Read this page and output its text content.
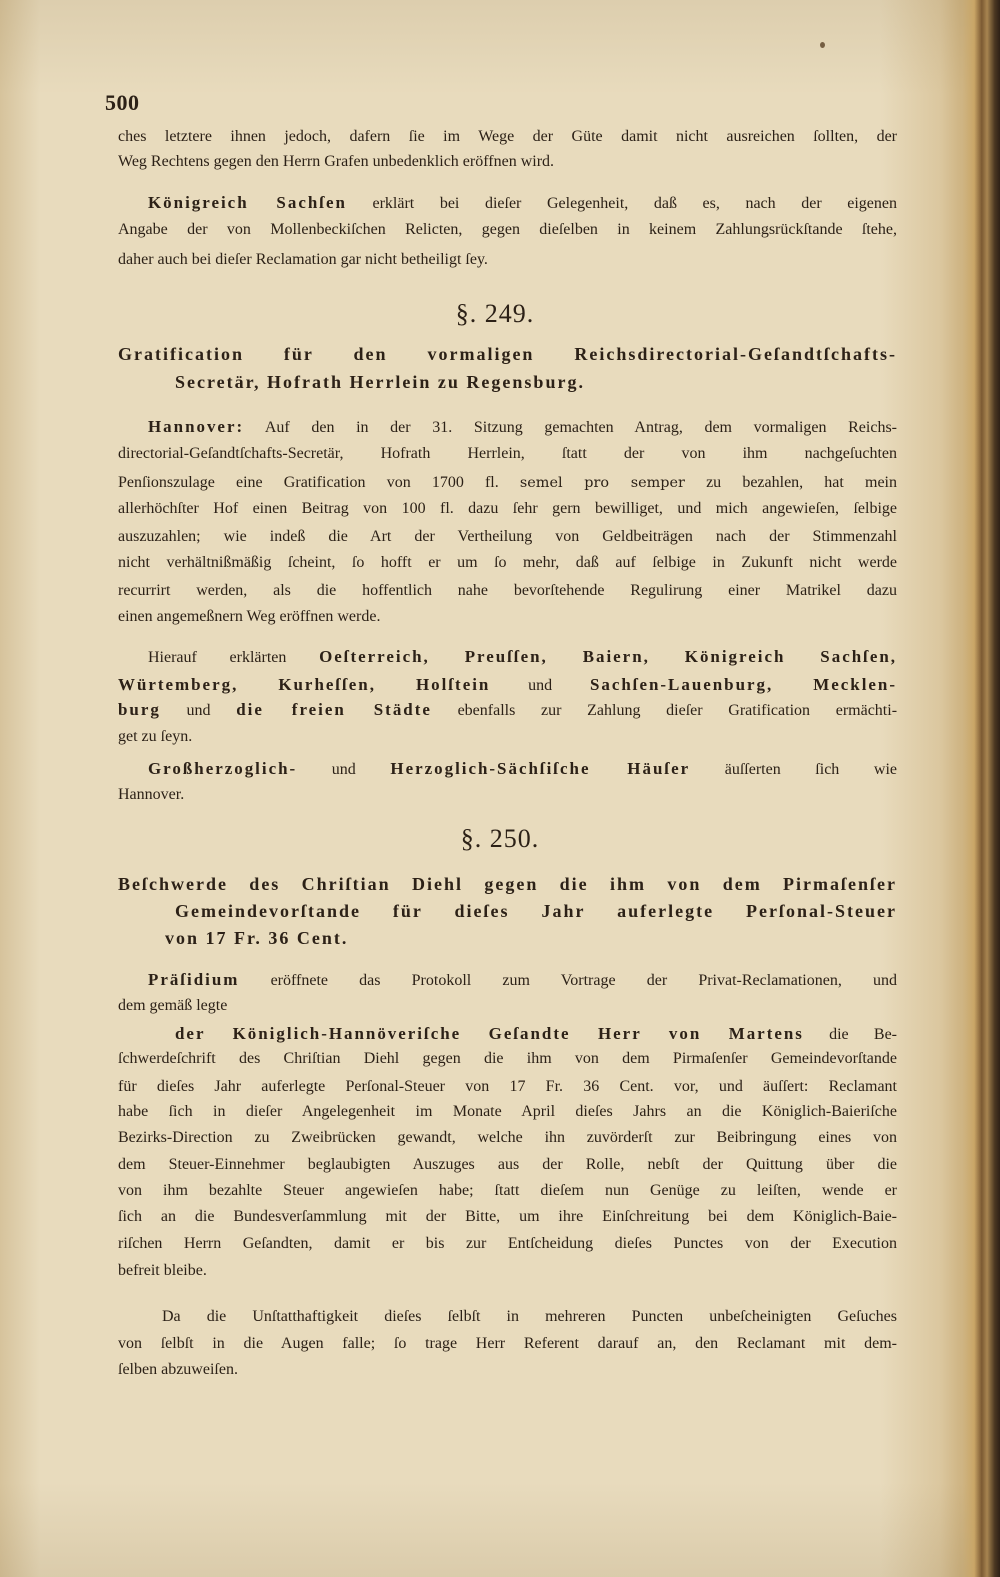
500
ches letztere ihnen jedoch, dafern ſie im Wege der Güte damit nicht ausreichen ſollten, der
Weg Rechtens gegen den Herrn Grafen unbedenklich eröffnen wird.
Königreich Sachſen erklärt bei dieſer Gelegenheit, daß es, nach der eigenen
Angabe der von Mollenbeckiſchen Relicten, gegen dieſelben in keinem Zahlungsrückſtande ſtehe,
daher auch bei dieſer Reclamation gar nicht betheiligt ſey.
§. 249.
Gratification für den vormaligen Reichsdirectorial-Geſandtſchafts-
Secretär, Hofrath Herrlein zu Regensburg.
Hannover: Auf den in der 31. Sitzung gemachten Antrag, dem vormaligen Reichs-
directorial-Geſandtſchafts-Secretär, Hofrath Herrlein, ſtatt der von ihm nachgeſuchten
Penſionszulage eine Gratification von 1700 fl. semel pro semper zu bezahlen, hat mein
allerhöchſter Hof einen Beitrag von 100 fl. dazu ſehr gern bewilliget, und mich angewieſen, ſelbige
auszuzahlen; wie indeß die Art der Vertheilung von Geldbeiträgen nach der Stimmenzahl
nicht verhältnißmäßig ſcheint, ſo hofft er um ſo mehr, daß auf ſelbige in Zukunft nicht werde
recurrirt werden, als die hoffentlich nahe bevorſtehende Regulirung einer Matrikel dazu
einen angemeßnern Weg eröffnen werde.
Hierauf erklärten Oeſterreich, Preuſſen, Baiern, Königreich Sachſen,
Würtemberg, Kurheſſen, Holſtein und Sachſen-Lauenburg, Mecklen-
burg und die freien Städte ebenfalls zur Zahlung dieſer Gratification ermächti-
get zu ſeyn.
Großherzoglich- und Herzoglich-Sächſiſche Häuſer äuſſerten ſich wie
Hannover.
§. 250.
Beſchwerde des Chriſtian Diehl gegen die ihm von dem Pirmaſenſer
Gemeindevorſtande für dieſes Jahr auferlegte Perſonal-Steuer
von 17 Fr. 36 Cent.
Präſidium eröffnete das Protokoll zum Vortrage der Privat-Reclamationen, und
dem gemäß legte
der Königlich-Hannöveriſche Geſandte Herr von Martens die Be-
ſchwerdeſchrift des Chriſtian Diehl gegen die ihm von dem Pirmaſenſer Gemeindevorſtande
für dieſes Jahr auferlegte Perſonal-Steuer von 17 Fr. 36 Cent. vor, und äuſſert: Reclamant
habe ſich in dieſer Angelegenheit im Monate April dieſes Jahrs an die Königlich-Baieriſche
Bezirks-Direction zu Zweibrücken gewandt, welche ihn zuvörderſt zur Beibringung eines von
dem Steuer-Einnehmer beglaubigten Auszuges aus der Rolle, nebſt der Quittung über die
von ihm bezahlte Steuer angewieſen habe; ſtatt dieſem nun Genüge zu leiſten, wende er
ſich an die Bundesverſammlung mit der Bitte, um ihre Einſchreitung bei dem Königlich-Baie-
riſchen Herrn Geſandten, damit er bis zur Entſcheidung dieſes Punctes von der Execution
befreit bleibe.
Da die Unſtatthaftigkeit dieſes ſelbſt in mehreren Puncten unbeſcheinigten Geſuches
von ſelbſt in die Augen falle; ſo trage Herr Referent darauf an, den Reclamant mit dem-
ſelben abzuweiſen.
